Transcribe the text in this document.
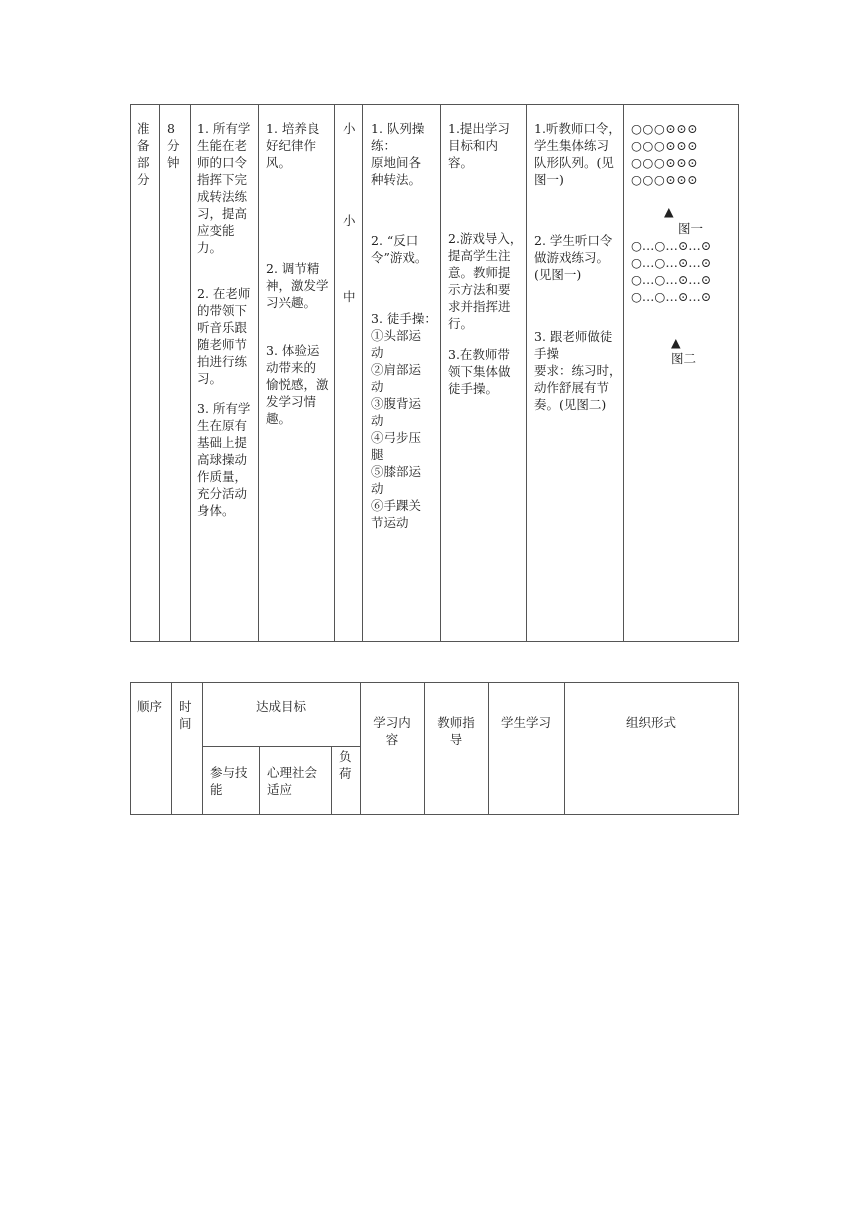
准
备
部
分
8
分
钟
1. 所有学
生能在老
师的口令
指挥下完
成转法练
习，提高
应变能
力。
2. 在老师
的带领下
听音乐跟
随老师节
拍进行练
习。
3. 所有学
生在原有
基础上提
高球操动
作质量，
充分活动
身体。
1. 培养良
好纪律作
风。
2. 调节精
神，激发学
习兴趣。
3. 体验运
动带来的
愉悦感，激
发学习情
趣。
小
小
中
1. 队列操
练：
原地间各
种转法。
2. “反口
令”游戏。
3. 徒手操：
①头部运
动
②肩部运
动
③腹背运
动
④弓步压
腿
⑤膝部运
动
⑥手踝关
节运动
1.提出学习
目标和内
容。
2.游戏导入，
提高学生注
意。教师提
示方法和要
求并指挥进
行。
3.在教师带
领下集体做
徒手操。
1.听教师口令，
学生集体练习
队形队列。(见
图一)
2. 学生听口令
做游戏练习。
(见图一)
3. 跟老师做徒
手操
要求：练习时，
动作舒展有节
奏。(见图二)
○○○⊙⊙⊙
○○○⊙⊙⊙
○○○⊙⊙⊙
○○○⊙⊙⊙
▲
图一
○…○…⊙…⊙
○…○…⊙…⊙
○…○…⊙…⊙
○…○…⊙…⊙
▲
图二
顺序 时
间
达成目标
参与技
能
心理社会
适应
负
荷
学习内
容
教师指
导
学生学习	组织形式
